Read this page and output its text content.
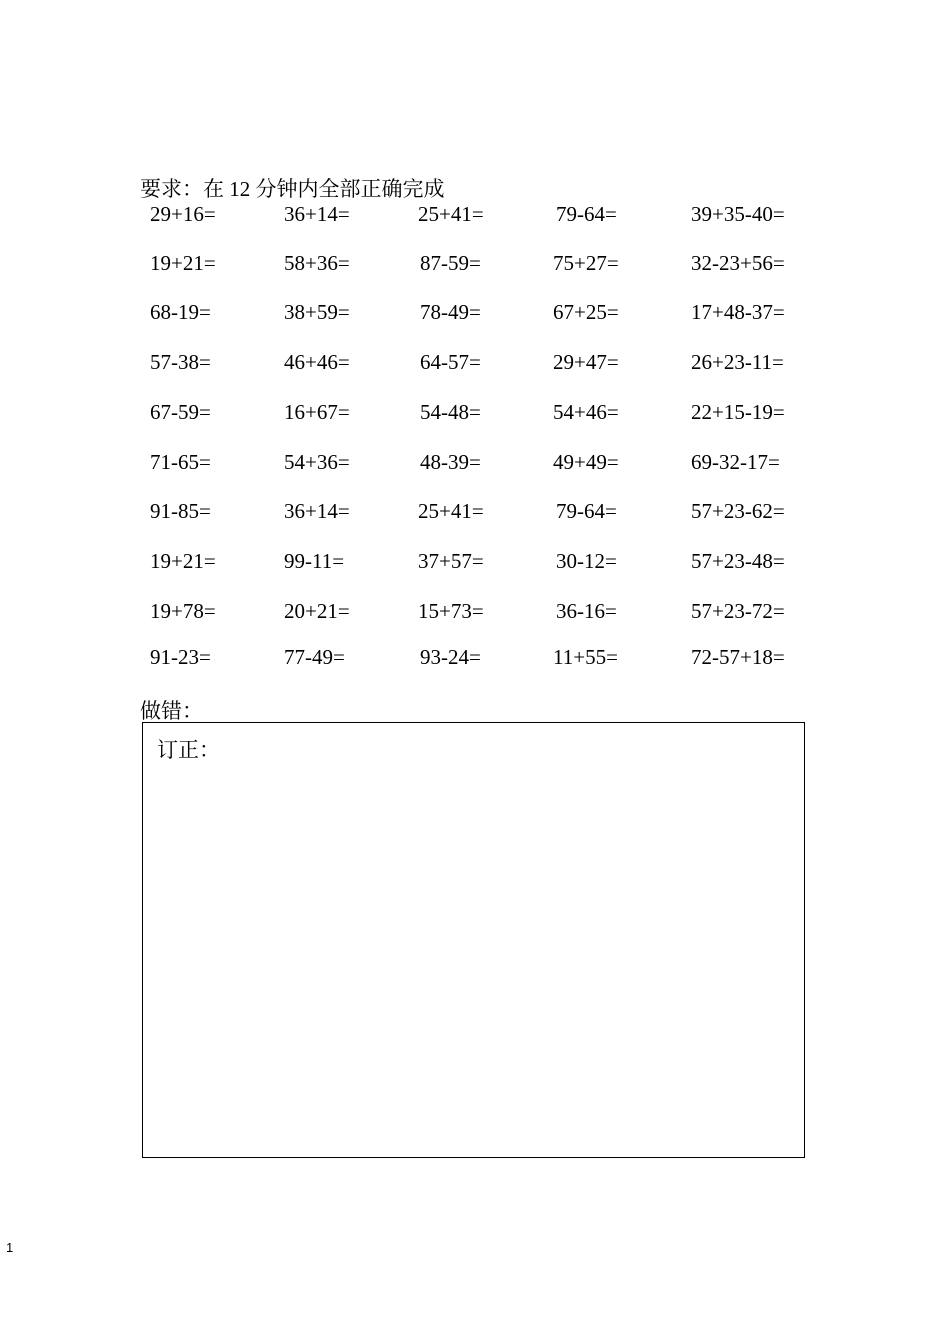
要求：在 12 分钟内全部正确完成
29+16=	36+14=	25+41=	79-64=	39+35-40=
19+21=	58+36=	87-59=	75+27=	32-23+56=
68-19=	38+59=	78-49=	67+25=	17+48-37=
57-38=	46+46=	64-57=	29+47=	26+23-11=
67-59=	16+67=	54-48=	54+46=	22+15-19=
71-65=	54+36=	48-39=	49+49=	69-32-17=
91-85=	36+14=	25+41=	79-64=	57+23-62=
19+21=	99-11=	37+57=	30-12=	57+23-48=
19+78=	20+21=	15+73=	36-16=	57+23-72=
91-23=	77-49=	93-24=	11+55=	72-57+18=
做错：
订正：
1
